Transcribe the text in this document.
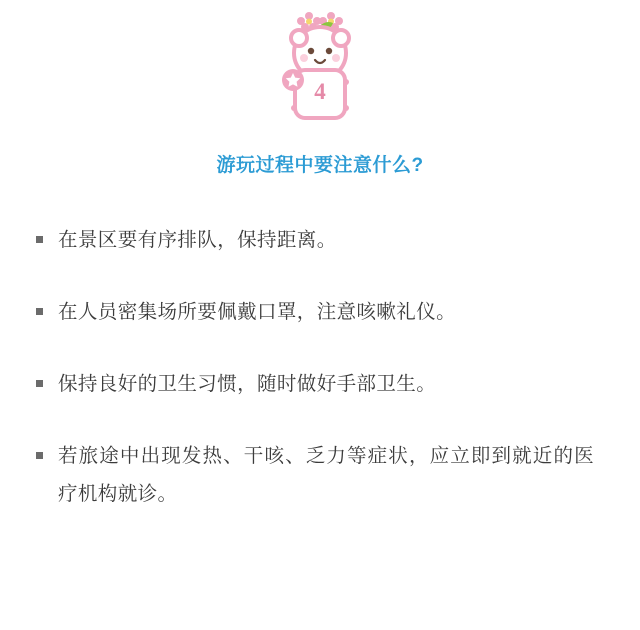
4
游玩过程中要注意什么?
在景区要有序排队，保持距离。
在人员密集场所要佩戴口罩，注意咳嗽礼仪。
保持良好的卫生习惯，随时做好手部卫生。
若旅途中出现发热、干咳、乏力等症状，应立即到就近的医疗机构就诊。
